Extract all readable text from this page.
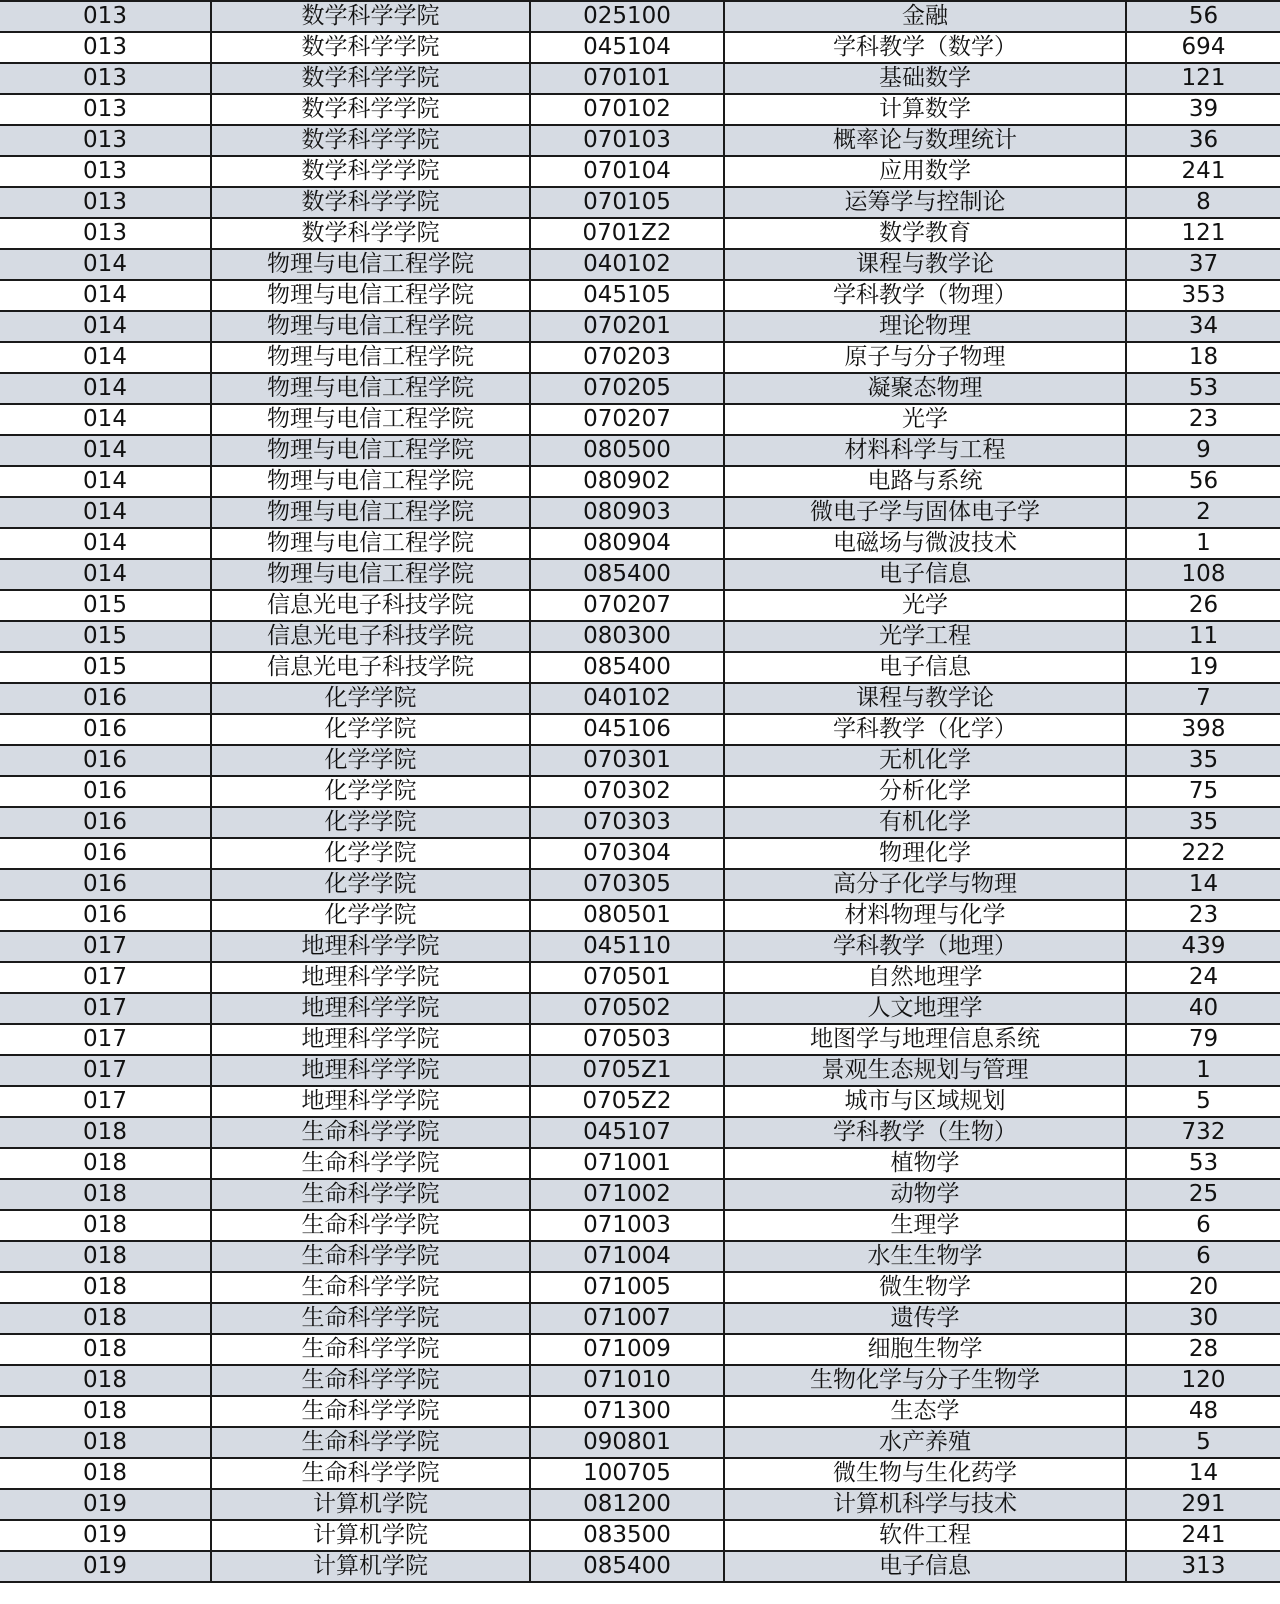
013	数学科学学院	025100	金融	56
013	数学科学学院	045104	学科教学（数学）	694
013	数学科学学院	070101	基础数学	121
013	数学科学学院	070102	计算数学	39
013	数学科学学院	070103	概率论与数理统计	36
013	数学科学学院	070104	应用数学	241
013	数学科学学院	070105	运筹学与控制论	8
013	数学科学学院	0701Z2	数学教育	121
014	物理与电信工程学院	040102	课程与教学论	37
014	物理与电信工程学院	045105	学科教学（物理）	353
014	物理与电信工程学院	070201	理论物理	34
014	物理与电信工程学院	070203	原子与分子物理	18
014	物理与电信工程学院	070205	凝聚态物理	53
014	物理与电信工程学院	070207	光学	23
014	物理与电信工程学院	080500	材料科学与工程	9
014	物理与电信工程学院	080902	电路与系统	56
014	物理与电信工程学院	080903	微电子学与固体电子学	2
014	物理与电信工程学院	080904	电磁场与微波技术	1
014	物理与电信工程学院	085400	电子信息	108
015	信息光电子科技学院	070207	光学	26
015	信息光电子科技学院	080300	光学工程	11
015	信息光电子科技学院	085400	电子信息	19
016	化学学院	040102	课程与教学论	7
016	化学学院	045106	学科教学（化学）	398
016	化学学院	070301	无机化学	35
016	化学学院	070302	分析化学	75
016	化学学院	070303	有机化学	35
016	化学学院	070304	物理化学	222
016	化学学院	070305	高分子化学与物理	14
016	化学学院	080501	材料物理与化学	23
017	地理科学学院	045110	学科教学（地理）	439
017	地理科学学院	070501	自然地理学	24
017	地理科学学院	070502	人文地理学	40
017	地理科学学院	070503	地图学与地理信息系统	79
017	地理科学学院	0705Z1	景观生态规划与管理	1
017	地理科学学院	0705Z2	城市与区域规划	5
018	生命科学学院	045107	学科教学（生物）	732
018	生命科学学院	071001	植物学	53
018	生命科学学院	071002	动物学	25
018	生命科学学院	071003	生理学	6
018	生命科学学院	071004	水生生物学	6
018	生命科学学院	071005	微生物学	20
018	生命科学学院	071007	遗传学	30
018	生命科学学院	071009	细胞生物学	28
018	生命科学学院	071010	生物化学与分子生物学	120
018	生命科学学院	071300	生态学	48
018	生命科学学院	090801	水产养殖	5
018	生命科学学院	100705	微生物与生化药学	14
019	计算机学院	081200	计算机科学与技术	291
019	计算机学院	083500	软件工程	241
019	计算机学院	085400	电子信息	313
